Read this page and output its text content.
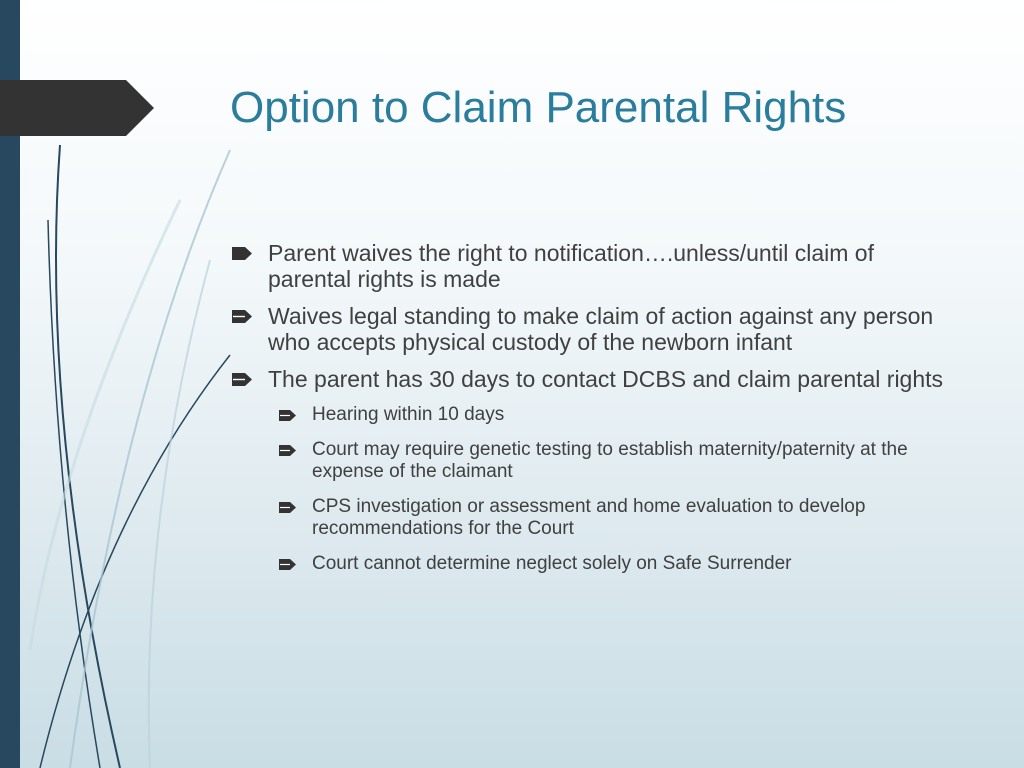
Option to Claim Parental Rights
Parent waives the right to notification….unless/until claim of parental rights is made
Waives legal standing to make claim of action against any person who accepts physical custody of the newborn infant
The parent has 30 days to contact DCBS and claim parental rights
Hearing within 10 days
Court may require genetic testing to establish maternity/paternity at the expense of the claimant
CPS investigation or assessment and home evaluation to develop recommendations for the Court
Court cannot determine neglect solely on Safe Surrender
